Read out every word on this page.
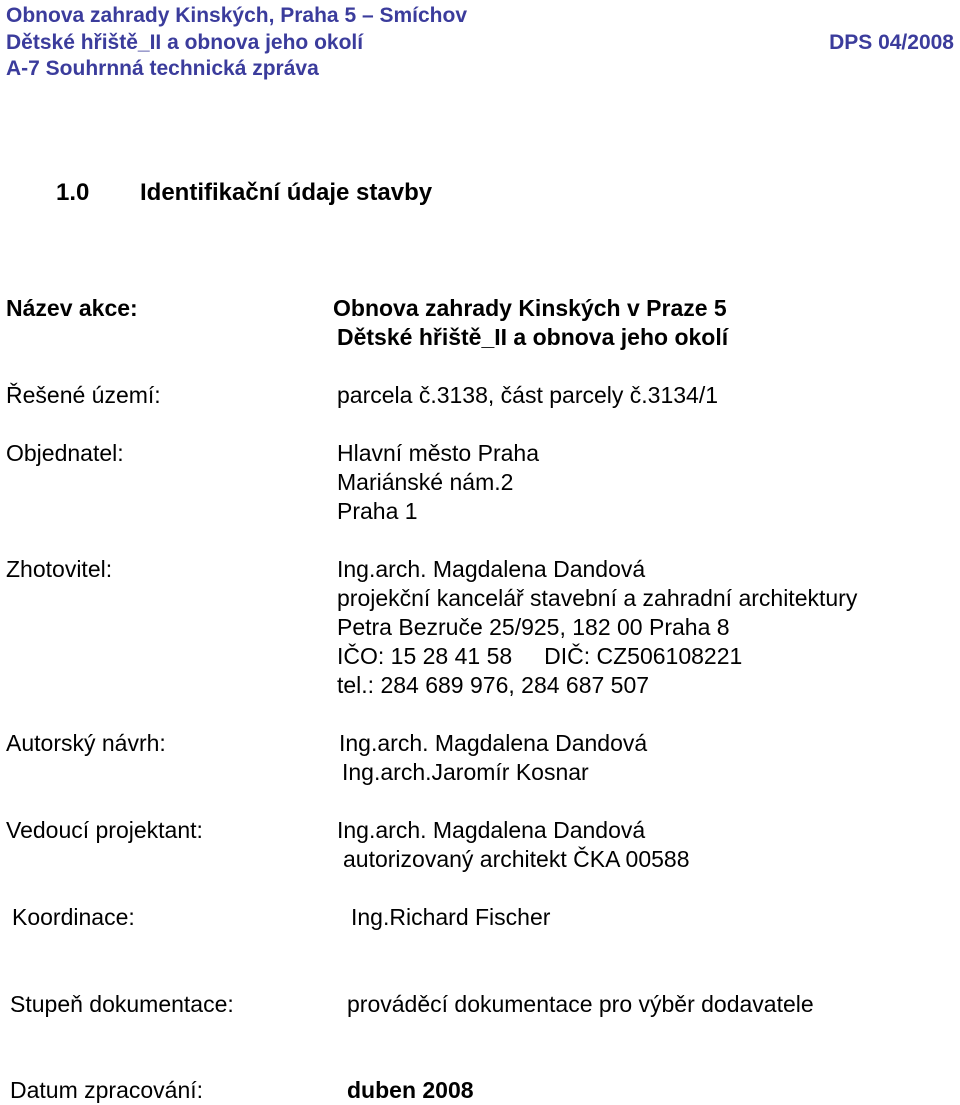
Obnova zahrady Kinských, Praha 5 – Smíchov
Dětské hřiště_II a obnova jeho okolí	DPS 04/2008
A-7 Souhrnná technická zpráva
1.0 Identifikační údaje stavby
Název akce:	Obnova zahrady Kinských v Praze 5
Dětské hřiště_II a obnova jeho okolí
Řešené území:	parcela č.3138, část parcely č.3134/1
Objednatel:	Hlavní město Praha
Mariánské nám.2
Praha 1
Zhotovitel:	Ing.arch. Magdalena Dandová
projekční kancelář stavební a zahradní architektury
Petra Bezruče 25/925, 182 00 Praha 8
IČO: 15 28 41 58     DIČ: CZ506108221
tel.: 284 689 976, 284 687 507
Autorský návrh:	Ing.arch. Magdalena Dandová
Ing.arch.Jaromír Kosnar
Vedoucí projektant:	Ing.arch. Magdalena Dandová
autorizovaný architekt ČKA 00588
Koordinace:	Ing.Richard Fischer
Stupeň dokumentace:	prováděcí dokumentace pro výběr dodavatele
Datum zpracování:	duben 2008
